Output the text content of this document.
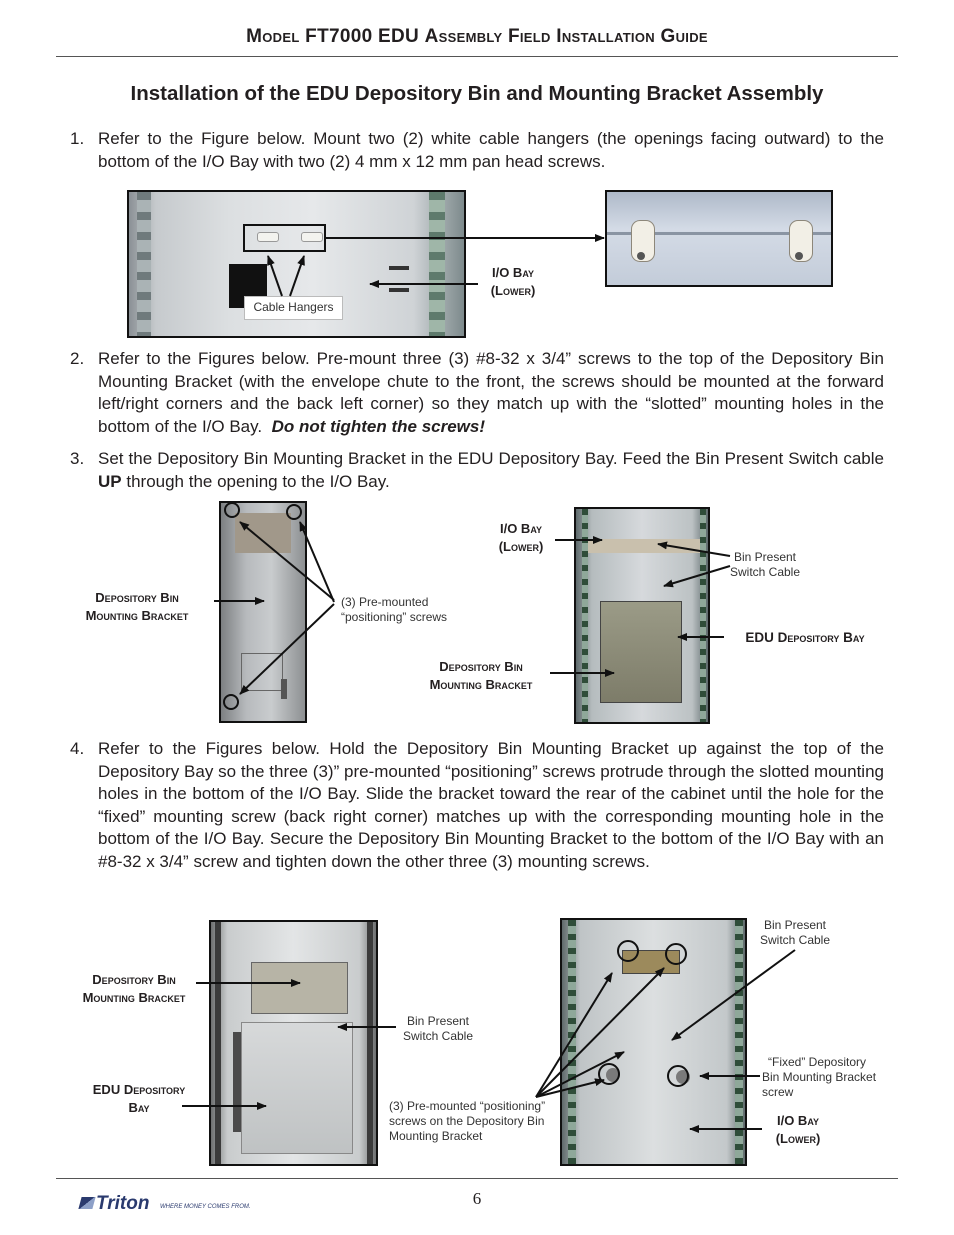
Model FT7000 EDU Assembly Field Installation Guide
Installation of the EDU Depository Bin and Mounting Bracket Assembly
1. Refer to the Figure below. Mount two (2) white cable hangers (the openings facing outward) to the bottom of the I/O Bay with two (2) 4 mm x 12 mm pan head screws.
Cable Hangers
I/O Bay
(Lower)
2. Refer to the Figures below. Pre-mount three (3) #8-32 x 3/4” screws to the top of the Depository Bin Mounting Bracket (with the envelope chute to the front, the screws should be mounted at the forward left/right corners and the back left corner) so they match up with the “slotted” mounting holes in the bottom of the I/O Bay. Do not tighten the screws!
3. Set the Depository Bin Mounting Bracket in the EDU Depository Bay. Feed the Bin Present Switch cable UP through the opening to the I/O Bay.
Depository Bin
Mounting Bracket
(3) Pre-mounted
“positioning” screws
I/O Bay
(Lower)
Bin Present
Switch Cable
EDU Depository Bay
Depository Bin
Mounting Bracket
4. Refer to the Figures below. Hold the Depository Bin Mounting Bracket up against the top of the Depository Bay so the three (3)” pre-mounted “positioning” screws protrude through the slotted mounting holes in the bottom of the I/O Bay. Slide the bracket toward the rear of the cabinet until the hole for the “fixed” mounting screw (back right corner) matches up with the corresponding mounting hole in the bottom of the I/O Bay. Secure the Depository Bin Mounting Bracket to the bottom of the I/O Bay with an #8-32 x 3/4” screw and tighten down the other three (3) mounting screws.
Depository Bin
Mounting Bracket
EDU Depository
Bay
Bin Present
Switch Cable
(3) Pre-mounted “positioning”
screws on the Depository Bin
Mounting Bracket
Bin Present
Switch Cable
“Fixed” Depository
Bin Mounting Bracket
screw
I/O Bay
(Lower)
6
Triton WHERE MONEY COMES FROM.
